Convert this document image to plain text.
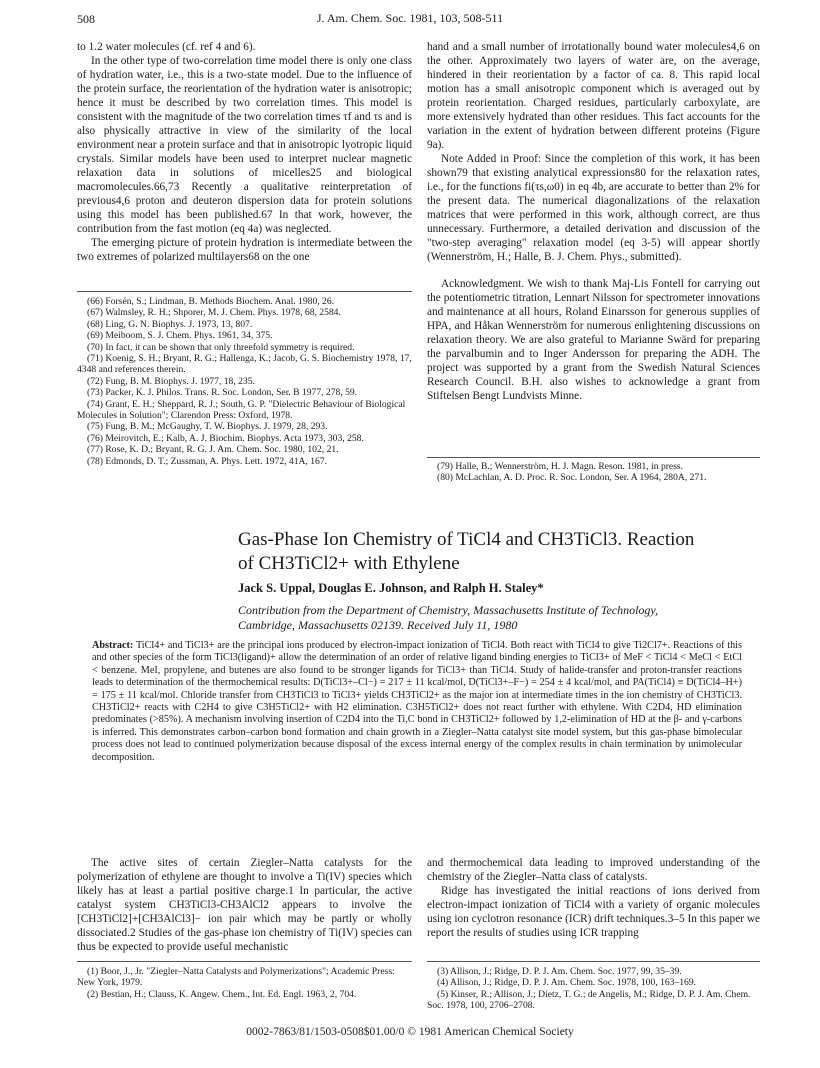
508	J. Am. Chem. Soc. 1981, 103, 508-511

to 1.2 water molecules (cf. ref 4 and 6).

In the other type of two-correlation time model there is only one class of hydration water, i.e., this is a two-state model. Due to the influence of the protein surface, the reorientation of the hydration water is anisotropic; hence it must be described by two correlation times. This model is consistent with the magnitude of the two correlation times τf and τs and is also physically attractive in view of the similarity of the local environment near a protein surface and that in anisotropic lyotropic liquid crystals. Similar models have been used to interpret nuclear magnetic relaxation data in solutions of micelles25 and biological macromolecules.66,73 Recently a qualitative reinterpretation of previous4,6 proton and deuteron dispersion data for protein solutions using this model has been published.67 In that work, however, the contribution from the fast motion (eq 4a) was neglected.

The emerging picture of protein hydration is intermediate between the two extremes of polarized multilayers68 on the one

hand and a small number of irrotationally bound water molecules4,6 on the other. Approximately two layers of water are, on the average, hindered in their reorientation by a factor of ca. 8. This rapid local motion has a small anisotropic component which is averaged out by protein reorientation. Charged residues, particularly carboxylate, are more extensively hydrated than other residues. This fact accounts for the variation in the extent of hydration between different proteins (Figure 9a).

Note Added in Proof: Since the completion of this work, it has been shown79 that existing analytical expressions80 for the relaxation rates, i.e., for the functions fi(τs,ω0) in eq 4b, are accurate to better than 2% for the present data. The numerical diagonalizations of the relaxation matrices that were performed in this work, although correct, are thus unnecessary. Furthermore, a detailed derivation and discussion of the "two-step averaging" relaxation model (eq 3-5) will appear shortly (Wennerström, H.; Halle, B. J. Chem. Phys., submitted).

Acknowledgment. We wish to thank Maj-Lis Fontell for carrying out the potentiometric titration, Lennart Nilsson for spectrometer innovations and maintenance at all hours, Roland Einarsson for generous supplies of HPA, and Håkan Wennerström for numerous enlightening discussions on relaxation theory. We are also grateful to Marianne Swärd for preparing the parvalbumin and to Inger Andersson for preparing the ADH. The project was supported by a grant from the Swedish Natural Sciences Research Council. B.H. also wishes to acknowledge a grant from Stiftelsen Bengt Lundvists Minne.

(66) Forsén, S.; Lindman, B. Methods Biochem. Anal. 1980, 26.
(67) Walmsley, R. H.; Shporer, M. J. Chem. Phys. 1978, 68, 2584.
(68) Ling, G. N. Biophys. J. 1973, 13, 807.
(69) Meiboom, S. J. Chem. Phys. 1961, 34, 375.
(70) In fact, it can be shown that only threefold symmetry is required.
(71) Koenig, S. H.; Bryant, R. G.; Hallenga, K.; Jacob, G. S. Biochemistry 1978, 17, 4348 and references therein.
(72) Fung, B. M. Biophys. J. 1977, 18, 235.
(73) Packer, K. J. Philos. Trans. R. Soc. London, Ser. B 1977, 278, 59.
(74) Grant, E. H.; Sheppard, R. J.; South, G. P. "Dielectric Behaviour of Biological Molecules in Solution"; Clarendon Press: Oxford, 1978.
(75) Fung, B. M.; McGaughy, T. W. Biophys. J. 1979, 28, 293.
(76) Meirovitch, E.; Kalb, A. J. Biochim. Biophys. Acta 1973, 303, 258.
(77) Rose, K. D.; Bryant, R. G. J. Am. Chem. Soc. 1980, 102, 21.
(78) Edmonds, D. T.; Zussman, A. Phys. Lett. 1972, 41A, 167.	(79) Halle, B.; Wennerström, H. J. Magn. Reson. 1981, in press.
(80) McLachlan, A. D. Proc. R. Soc. London, Ser. A 1964, 280A, 271.
Gas-Phase Ion Chemistry of TiCl4 and CH3TiCl3. Reaction
of CH3TiCl2+ with Ethylene
Jack S. Uppal, Douglas E. Johnson, and Ralph H. Staley*
Contribution from the Department of Chemistry, Massachusetts Institute of Technology,
Cambridge, Massachusetts 02139. Received July 11, 1980
Abstract: TiCl4+ and TiCl3+ are the principal ions produced by electron-impact ionization of TiCl4. Both react with TiCl4 to give Ti2Cl7+. Reactions of this and other species of the form TiCl3(ligand)+ allow the determination of an order of relative ligand binding energies to TiCl3+ of MeF < TiCl4 < MeCl < EtCl < benzene. MeI, propylene, and butenes are also found to be stronger ligands for TiCl3+ than TiCl4. Study of halide-transfer and proton-transfer reactions leads to determination of the thermochemical results: D(TiCl3+–Cl−) = 217 ± 11 kcal/mol, D(TiCl3+–F−) = 254 ± 4 kcal/mol, and PA(TiCl4) ≡ D(TiCl4–H+) = 175 ± 11 kcal/mol. Chloride transfer from CH3TiCl3 to TiCl3+ yields CH3TiCl2+ as the major ion at intermediate times in the ion chemistry of CH3TiCl3. CH3TiCl2+ reacts with C2H4 to give C3H5TiCl2+ with H2 elimination. C3H5TiCl2+ does not react further with ethylene. With C2D4, HD elimination predominates (>85%). A mechanism involving insertion of C2D4 into the Ti,C bond in CH3TiCl2+ followed by 1,2-elimination of HD at the β- and γ-carbons is inferred. This demonstrates carbon–carbon bond formation and chain growth in a Ziegler–Natta catalyst site model system, but this gas-phase bimolecular process does not lead to continued polymerization because disposal of the excess internal energy of the complex results in chain termination by unimolecular decomposition.

The active sites of certain Ziegler–Natta catalysts for the polymerization of ethylene are thought to involve a Ti(IV) species which likely has at least a partial positive charge.1 In particular, the active catalyst system CH3TiCl3-CH3AlCl2 appears to involve the [CH3TiCl2]+[CH3AlCl3]− ion pair which may be partly or wholly dissociated.2 Studies of the gas-phase ion chemistry of Ti(IV) species can thus be expected to provide useful mechanistic

and thermochemical data leading to improved understanding of the chemistry of the Ziegler–Natta class of catalysts.

Ridge has investigated the initial reactions of ions derived from electron-impact ionization of TiCl4 with a variety of organic molecules using ion cyclotron resonance (ICR) drift techniques.3–5 In this paper we report the results of studies using ICR trapping

(1) Boor, J., Jr. "Ziegler–Natta Catalysts and Polymerizations"; Academic Press: New York, 1979.
(2) Bestian, H.; Clauss, K. Angew. Chem., Int. Ed. Engl. 1963, 2, 704.
(3) Allison, J.; Ridge, D. P. J. Am. Chem. Soc. 1977, 99, 35–39.
(4) Allison, J.; Ridge, D. P. J. Am. Chem. Soc. 1978, 100, 163–169.
(5) Kinser, R.; Allison, J.; Dietz, T. G.; de Angelis, M.; Ridge, D. P. J. Am. Chem. Soc. 1978, 100, 2706–2708.
0002-7863/81/1503-0508$01.00/0 © 1981 American Chemical Society
